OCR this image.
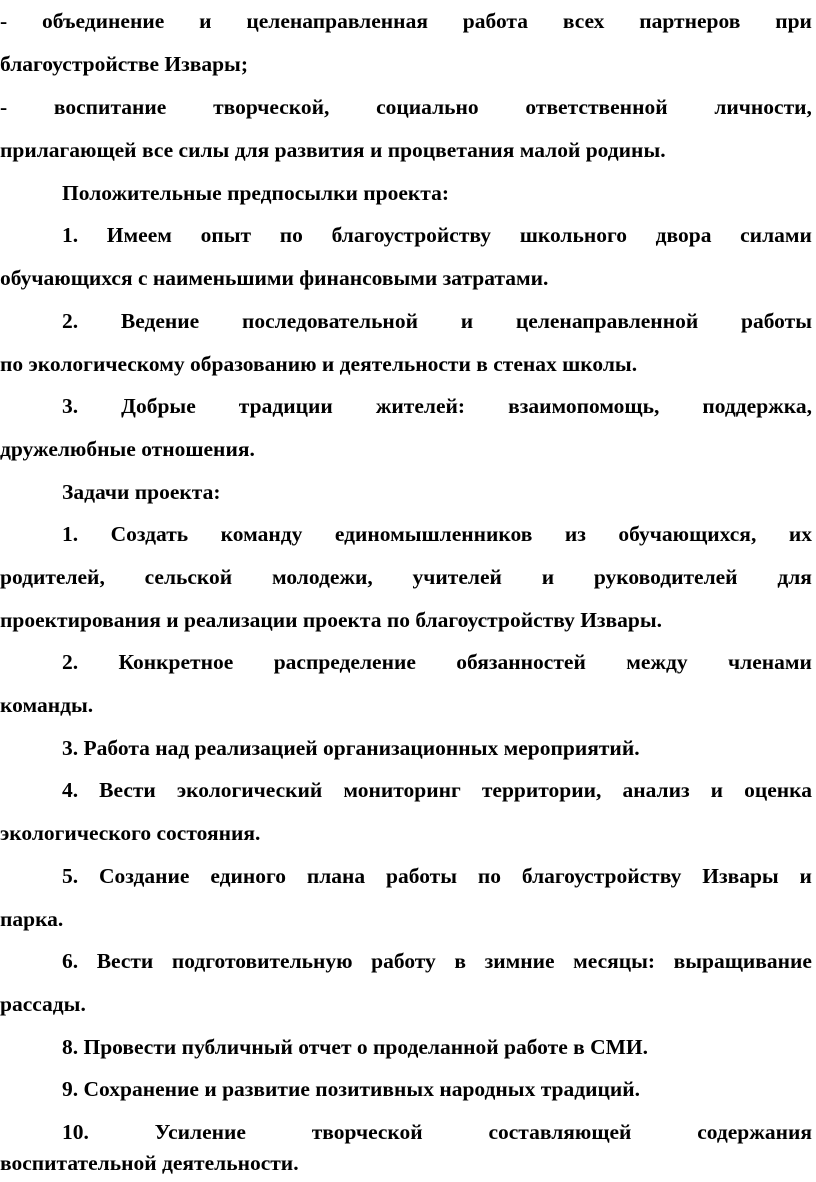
- объединение и целенаправленная работа всех партнеров при
благоустройстве Извары;
- воспитание творческой, социально ответственной личности,
прилагающей все силы для развития и процветания малой родины.
Положительные предпосылки проекта:
1. Имеем опыт по благоустройству школьного двора силами
обучающихся с наименьшими финансовыми затратами.
2. Ведение последовательной и целенаправленной работы
по экологическому образованию и деятельности в стенах школы.
3. Добрые традиции жителей: взаимопомощь, поддержка,
дружелюбные отношения.
Задачи проекта:
1. Создать команду единомышленников из обучающихся, их
родителей, сельской молодежи, учителей и руководителей для
проектирования и реализации проекта по благоустройству Извары.
2. Конкретное распределение обязанностей между членами
команды.
3. Работа над реализацией организационных мероприятий.
4. Вести экологический мониторинг территории, анализ и оценка
экологического состояния.
5. Создание единого плана работы по благоустройству Извары и
парка.
6. Вести подготовительную работу в зимние месяцы: выращивание
рассады.
8. Провести публичный отчет о проделанной работе в СМИ.
9. Сохранение и развитие позитивных народных традиций.
10.	Усиление	творческой	составляющей	содержания
воспитательной деятельности.
